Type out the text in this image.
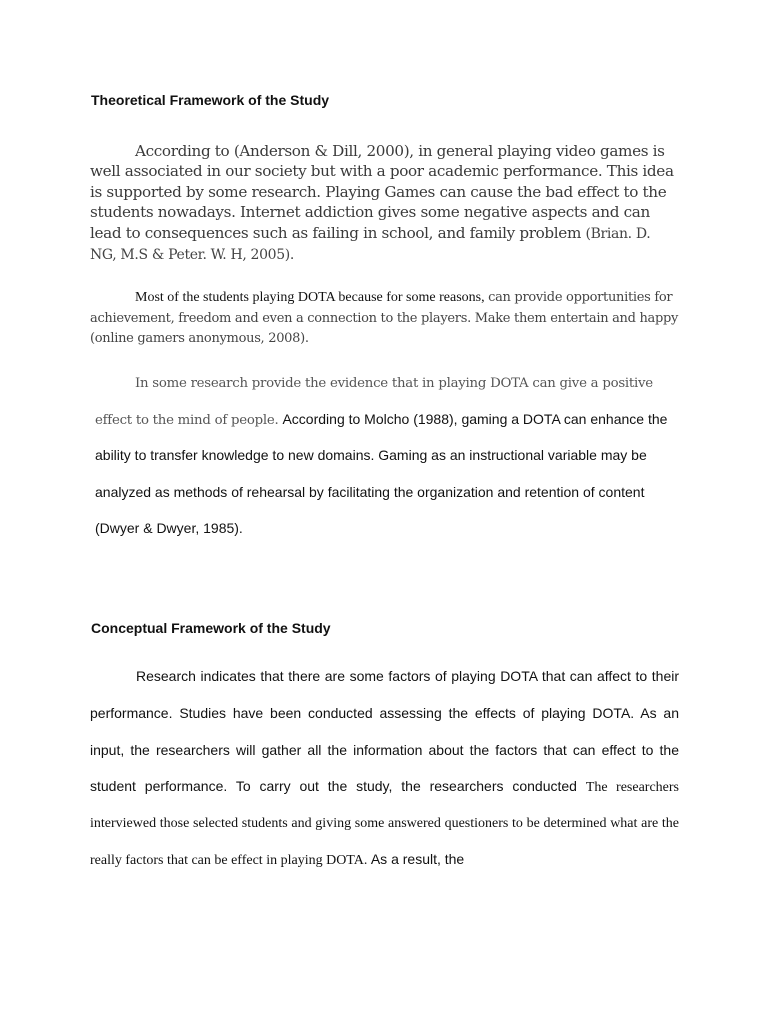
Theoretical Framework of the Study

According to (Anderson & Dill, 2000), in general playing video games is well associated in our society but with a poor academic performance. This idea is supported by some research. Playing Games can cause the bad effect to the students nowadays. Internet addiction gives some negative aspects and can lead to consequences such as failing in school, and family problem (Brian. D. NG, M.S & Peter. W. H, 2005).

Most of the students playing DOTA because for some reasons, can provide opportunities for achievement, freedom and even a connection to the players. Make them entertain and happy (online gamers anonymous, 2008).

In some research provide the evidence that in playing DOTA can give a positive effect to the mind of people. According to Molcho (1988), gaming a DOTA can enhance the ability to transfer knowledge to new domains. Gaming as an instructional variable may be analyzed as methods of rehearsal by facilitating the organization and retention of content (Dwyer & Dwyer, 1985).

Conceptual Framework of the Study

Research indicates that there are some factors of playing DOTA that can affect to their performance. Studies have been conducted assessing the effects of playing DOTA. As an input, the researchers will gather all the information about the factors that can effect to the student performance. To carry out the study, the researchers conducted The researchers interviewed those selected students and giving some answered questioners to be determined what are the really factors that can be effect in playing DOTA. As a result, the
